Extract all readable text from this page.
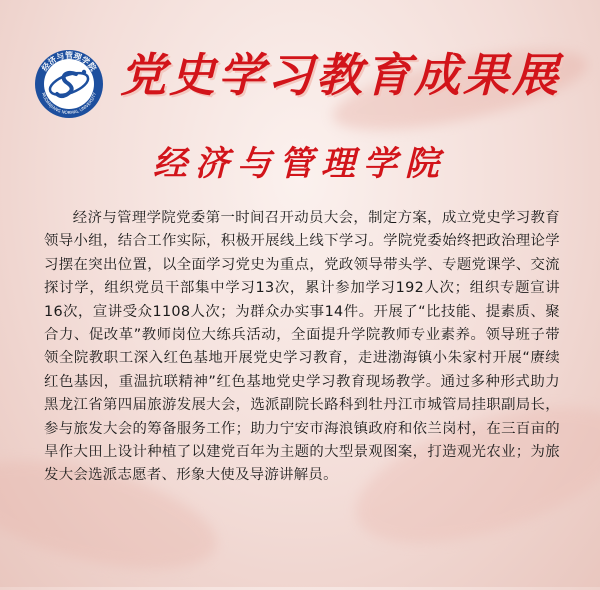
经济与管理学院
MUDANJIANG NORMAL UNIVERSITY 党史学习教育成果展
经济与管理学院

经济与管理学院党委第一时间召开动员大会，制定方案，成立党史学习教育领导小组，结合工作实际，积极开展线上线下学习。学院党委始终把政治理论学习摆在突出位置，以全面学习党史为重点，党政领导带头学、专题党课学、交流探讨学，组织党员干部集中学习13次，累计参加学习192人次；组织专题宣讲16次，宣讲受众1108人次；为群众办实事14件。开展了“比技能、提素质、聚合力、促改革”教师岗位大练兵活动，全面提升学院教师专业素养。领导班子带领全院教职工深入红色基地开展党史学习教育，走进渤海镇小朱家村开展“赓续红色基因，重温抗联精神”红色基地党史学习教育现场教学。通过多种形式助力黑龙江省第四届旅游发展大会，选派副院长路科到牡丹江市城管局挂职副局长，参与旅发大会的筹备服务工作；助力宁安市海浪镇政府和依兰岗村，在三百亩的旱作大田上设计种植了以建党百年为主题的大型景观图案，打造观光农业；为旅发大会选派志愿者、形象大使及导游讲解员。
